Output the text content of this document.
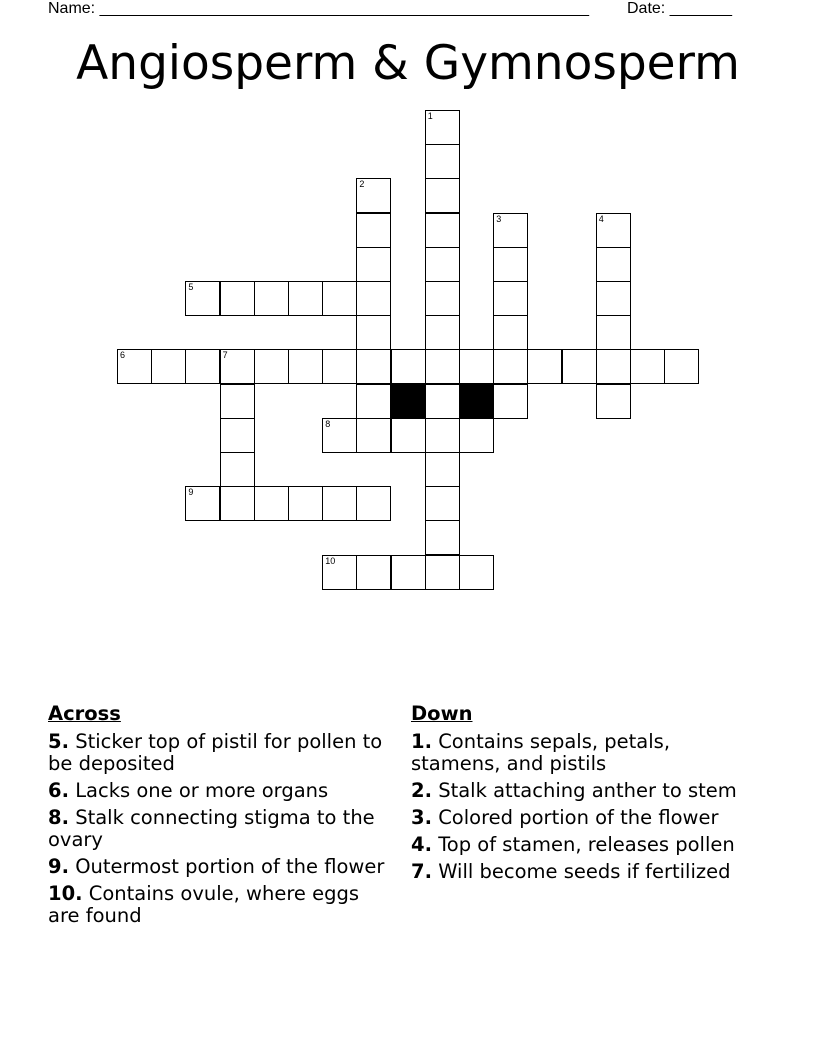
Name: _______________________________________________________ Date: _______
Angiosperm & Gymnosperm
1
2
3	4
5
6	7
8
9
10
Across
5. Sticker top of pistil for pollen to be deposited
6. Lacks one or more organs
8. Stalk connecting stigma to the ovary
9. Outermost portion of the flower
10. Contains ovule, where eggs are found
Down
1. Contains sepals, petals, stamens, and pistils
2. Stalk attaching anther to stem
3. Colored portion of the flower
4. Top of stamen, releases pollen
7. Will become seeds if fertilized
